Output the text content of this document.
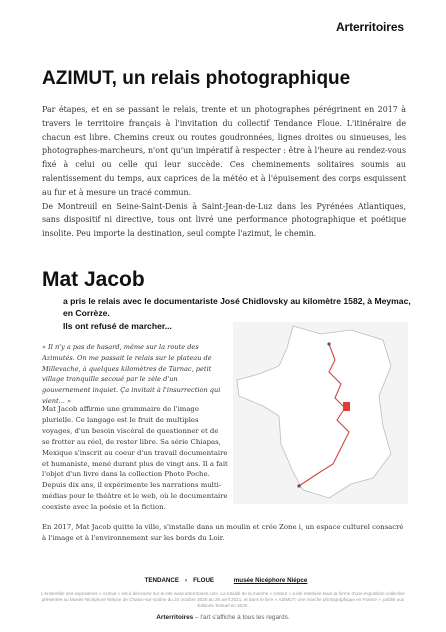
Arterritoires
AZIMUT, un relais photographique

Par étapes, et en se passant le relais, trente et un photographes pérégrinent en 2017 à travers le territoire français à l'invitation du collectif Tendance Floue. L'itinéraire de chacun est libre. Chemins creux ou routes goudronnées, lignes droites ou sinueuses, les photographes-marcheurs, n'ont qu'un impératif à respecter : être à l'heure au rendez-vous fixé à celui ou celle qui leur succède. Ces cheminements solitaires soumis au ralentissement du temps, aux caprices de la météo et à l'épuisement des corps esquissent au fur et à mesure un tracé commun.

De Montreuil en Seine-Saint-Denis à Saint-Jean-de-Luz dans les Pyrénées Atlantiques, sans dispositif ni directive, tous ont livré une performance photographique et poétique insolite. Peu importe la destination, seul compte l'azimut, le chemin.

Mat Jacob

a pris le relais avec le documentariste José Chidlovsky au kilomètre 1582, à Meymac, en Corrèze.

Ils ont refusé de marcher...

« Il n'y a pas de hasard, même sur la route des Azimutés. On me passait le relais sur le plateau de Millevache, à quelques kilomètres de Tarnac, petit village tranquille secoué par le zèle d'un gouvernement inquiet. Ça invitait à l'insurrection qui vient... »

Mat Jacob affirme une grammaire de l'image plurielle. Ce langage est le fruit de multiples voyages, d'un besoin viscéral de questionner et de se frotter au réel, de rester libre. Sa série Chiapas, Mexique s'inscrit au coeur d'un travail documentaire et humaniste, mené durant plus de vingt ans. Il a fait l'objet d'un livre dans la collection Photo Poche.

Depuis dix ans, il expérimente les narrations multi-médias pour le théâtre et le web, où le documentaire coexiste avec la poésie et la fiction.

En 2017, Mat Jacob quitte la ville, s'installe dans un moulin et crée Zone i, un espace culturel consacré à l'image et à l'environnement sur les bords du Loir.
TENDANCE › FLOUE	musée Nicéphore Niépce
L'ensemble des expositions « Azimut » est à découvrir sur le site www.arterritoires.com. La totalité de la marche « Azimut » a été restituée sous la forme d'une exposition collective présentée au Musée Nicéphore Niépce de Chalon-sur-Saône du 24 octobre 2020 au 25 avril 2021, et dans le livre « AZIMUT, une marche photographique en France », publié aux Éditions Textuel en 2020.
Arterritoires – l'art s'affiche à tous les regards.
